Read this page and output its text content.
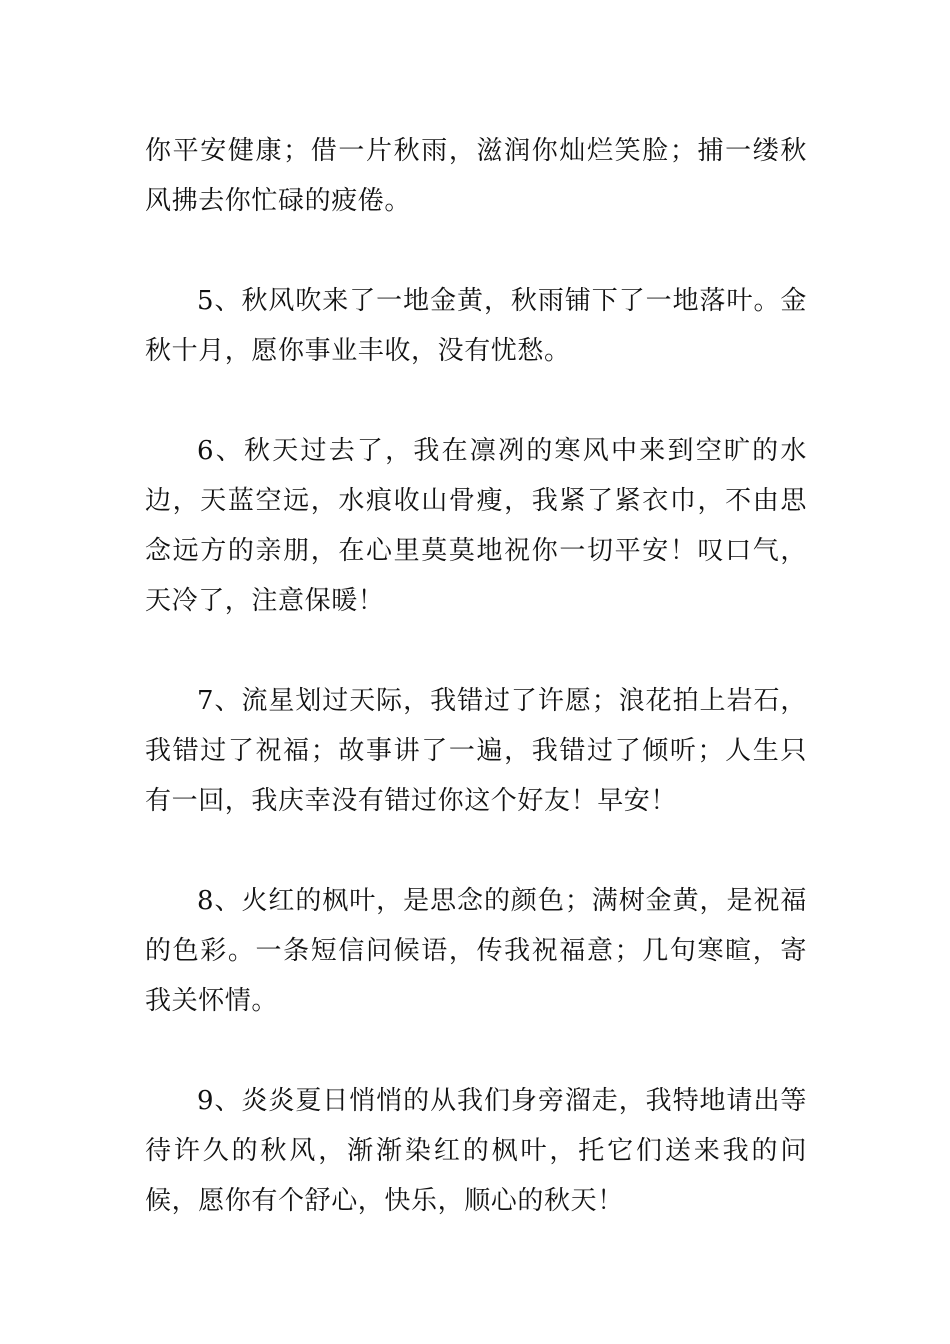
你平安健康；借一片秋雨，滋润你灿烂笑脸；捕一缕秋风拂去你忙碌的疲倦。

5、秋风吹来了一地金黄，秋雨铺下了一地落叶。金秋十月，愿你事业丰收，没有忧愁。

6、秋天过去了，我在凛冽的寒风中来到空旷的水边，天蓝空远，水痕收山骨瘦，我紧了紧衣巾，不由思念远方的亲朋，在心里莫莫地祝你一切平安！叹口气，天冷了，注意保暖！

7、流星划过天际，我错过了许愿；浪花拍上岩石，我错过了祝福；故事讲了一遍，我错过了倾听；人生只有一回，我庆幸没有错过你这个好友！早安！

8、火红的枫叶，是思念的颜色；满树金黄，是祝福的色彩。一条短信问候语，传我祝福意；几句寒暄，寄我关怀情。

9、炎炎夏日悄悄的从我们身旁溜走，我特地请出等待许久的秋风，渐渐染红的枫叶，托它们送来我的问候，愿你有个舒心，快乐，顺心的秋天！
